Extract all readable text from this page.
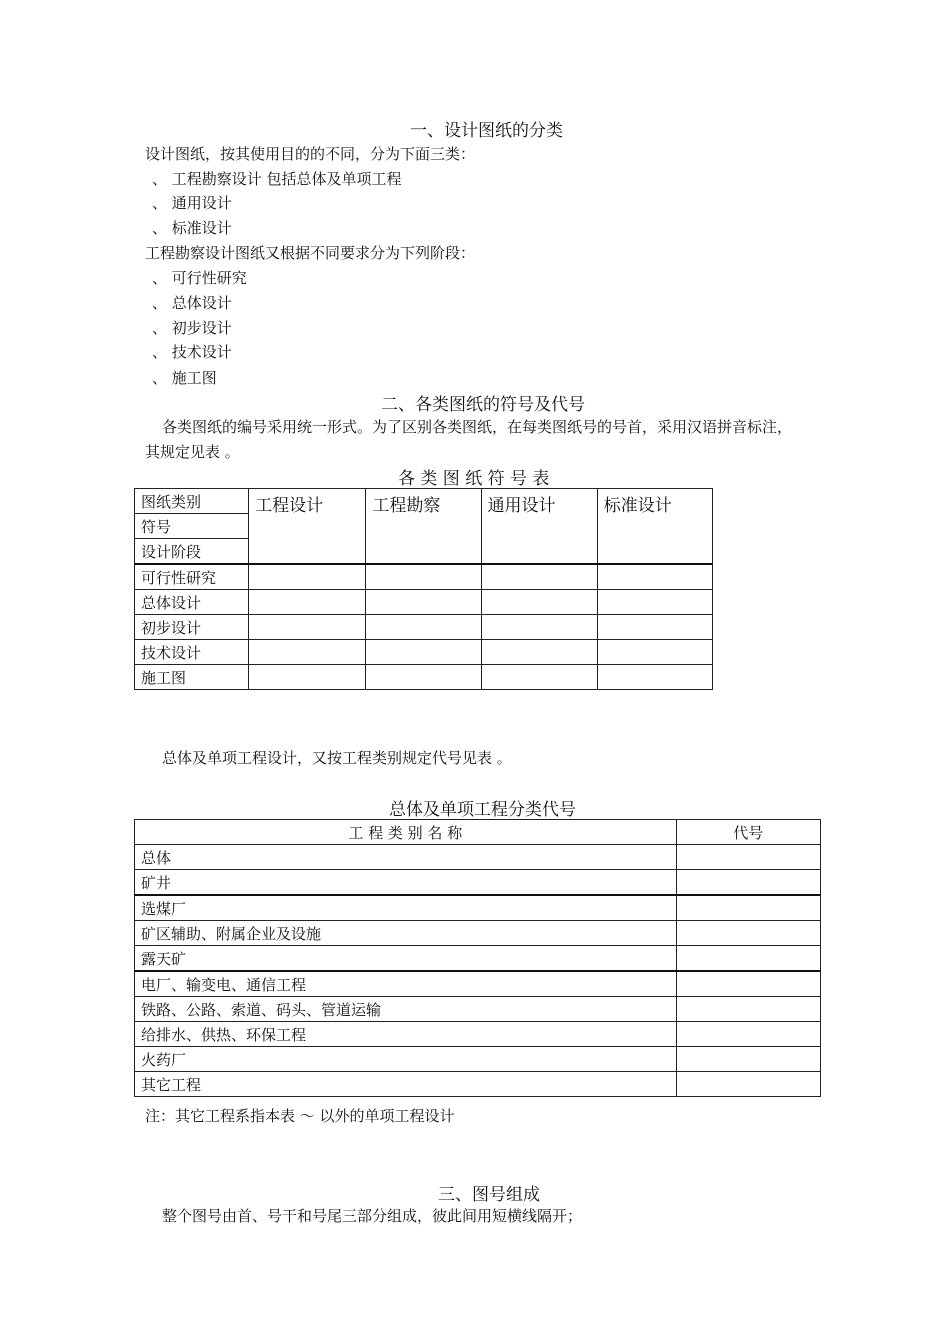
一、设计图纸的分类
设计图纸，按其使用目的的不同，分为下面三类：
、 工程勘察设计 包括总体及单项工程
、 通用设计
、 标准设计
工程勘察设计图纸又根据不同要求分为下列阶段：
、 可行性研究
、 总体设计
、 初步设计
、 技术设计
、 施工图
二、各类图纸的符号及代号
各类图纸的编号采用统一形式。为了区别各类图纸，在每类图纸号的号首，采用汉语拼音标注，
其规定见表 。
各 类 图 纸 符 号 表
图纸类别	工程设计	工程勘察	通用设计	标准设计
符号				
设计阶段				
可行性研究				
总体设计				
初步设计				
技术设计				
施工图				
总体及单项工程设计，又按工程类别规定代号见表 。
总体及单项工程分类代号
工 程 类 别 名 称	代号
总体	
矿井	
选煤厂	
矿区辅助、附属企业及设施	
露天矿	
电厂、输变电、通信工程	
铁路、公路、索道、码头、管道运输	
给排水、供热、环保工程	
火药厂	
其它工程	
注：其它工程系指本表 ～ 以外的单项工程设计
三、图号组成
整个图号由首、号干和号尾三部分组成，彼此间用短横线隔开；
